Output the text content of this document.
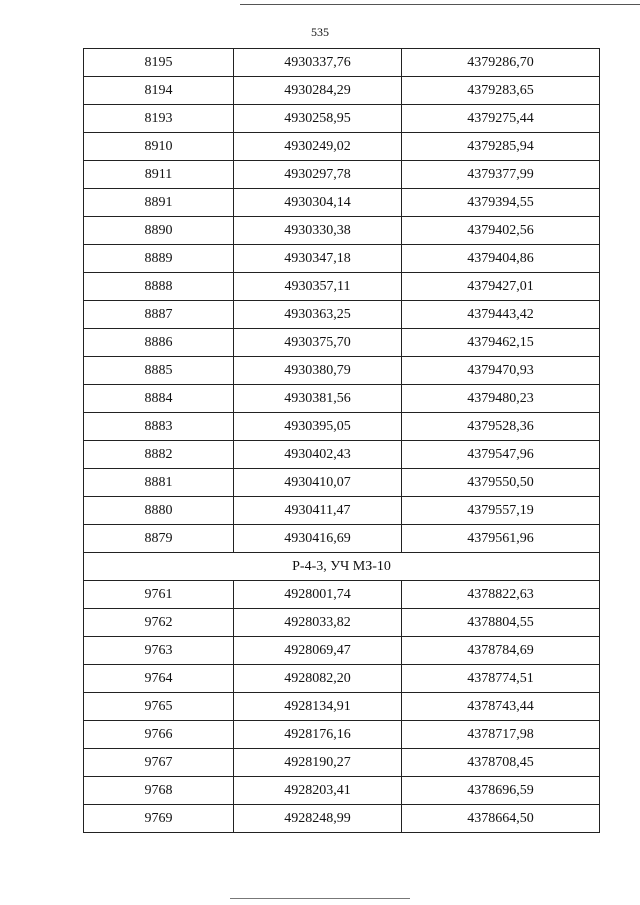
535
8195	4930337,76	4379286,70
8194	4930284,29	4379283,65
8193	4930258,95	4379275,44
8910	4930249,02	4379285,94
8911	4930297,78	4379377,99
8891	4930304,14	4379394,55
8890	4930330,38	4379402,56
8889	4930347,18	4379404,86
8888	4930357,11	4379427,01
8887	4930363,25	4379443,42
8886	4930375,70	4379462,15
8885	4930380,79	4379470,93
8884	4930381,56	4379480,23
8883	4930395,05	4379528,36
8882	4930402,43	4379547,96
8881	4930410,07	4379550,50
8880	4930411,47	4379557,19
8879	4930416,69	4379561,96
Р-4-3, УЧ МЗ-10		
9761	4928001,74	4378822,63
9762	4928033,82	4378804,55
9763	4928069,47	4378784,69
9764	4928082,20	4378774,51
9765	4928134,91	4378743,44
9766	4928176,16	4378717,98
9767	4928190,27	4378708,45
9768	4928203,41	4378696,59
9769	4928248,99	4378664,50
